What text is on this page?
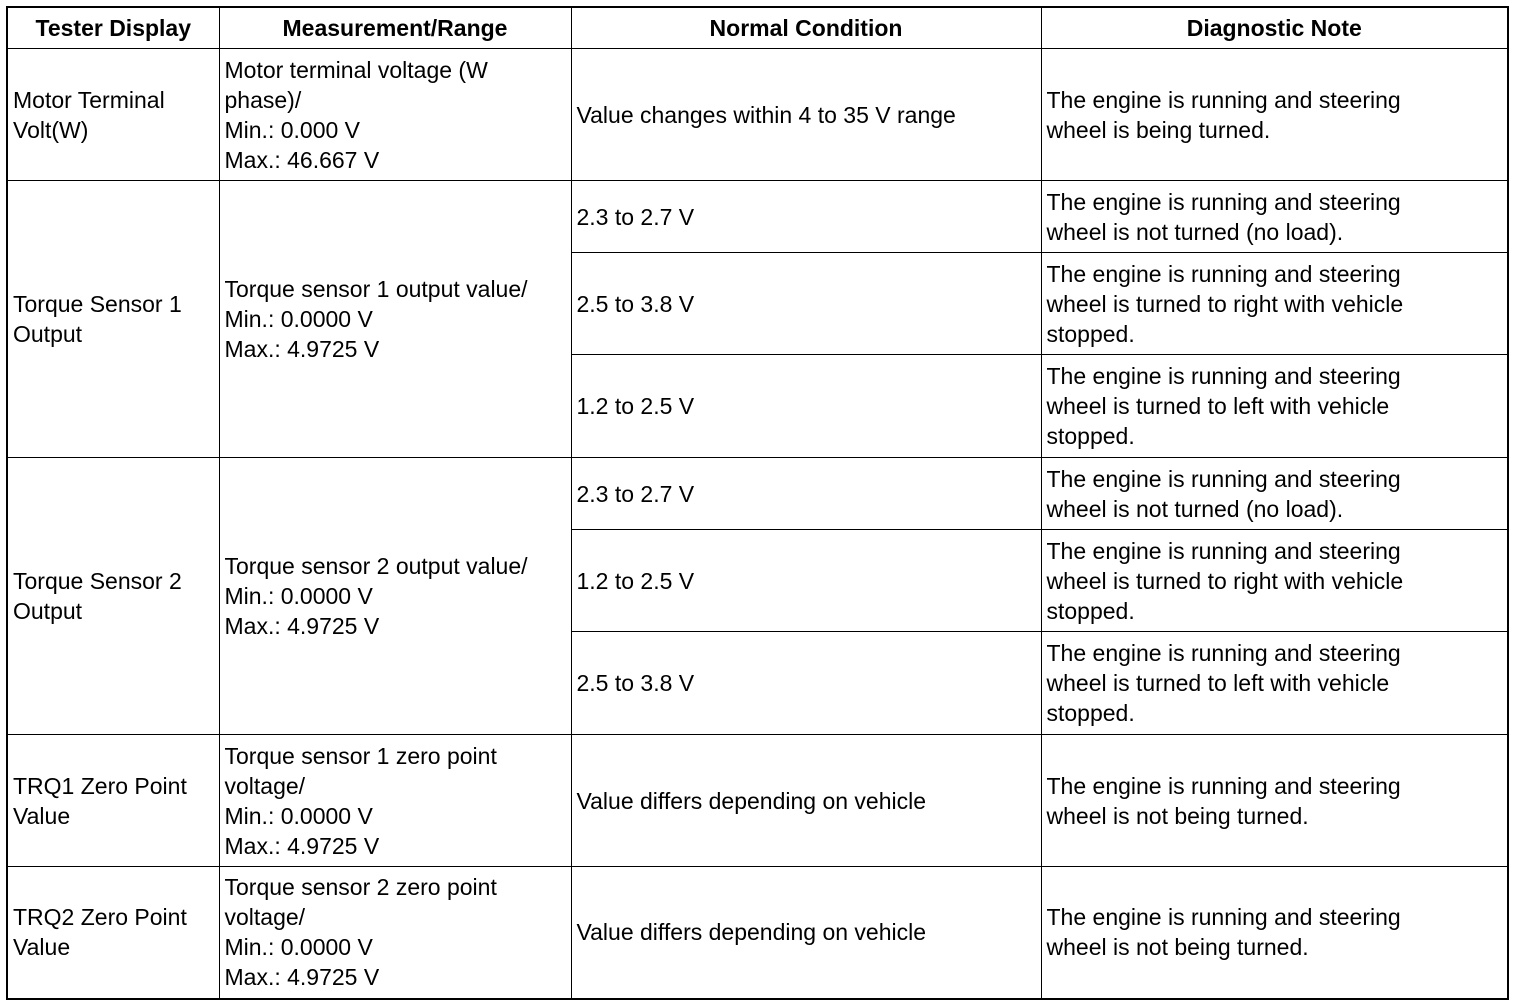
Tester Display	Measurement/Range	Normal Condition	Diagnostic Note

Motor Terminal
Volt(W)	Motor terminal voltage (W
phase)/
Min.: 0.000 V
Max.: 46.667 V	Value changes within 4 to 35 V range	The engine is running and steering
wheel is being turned.

Torque Sensor 1
Output	Torque sensor 1 output value/
Min.: 0.0000 V
Max.: 4.9725 V	2.3 to 2.7 V	The engine is running and steering
wheel is not turned (no load).

		2.5 to 3.8 V	The engine is running and steering
wheel is turned to right with vehicle
stopped.

		1.2 to 2.5 V	The engine is running and steering
wheel is turned to left with vehicle
stopped.

Torque Sensor 2
Output	Torque sensor 2 output value/
Min.: 0.0000 V
Max.: 4.9725 V	2.3 to 2.7 V	The engine is running and steering
wheel is not turned (no load).

		1.2 to 2.5 V	The engine is running and steering
wheel is turned to right with vehicle
stopped.

		2.5 to 3.8 V	The engine is running and steering
wheel is turned to left with vehicle
stopped.

TRQ1 Zero Point
Value	Torque sensor 1 zero point
voltage/
Min.: 0.0000 V
Max.: 4.9725 V	Value differs depending on vehicle	The engine is running and steering
wheel is not being turned.

TRQ2 Zero Point
Value	Torque sensor 2 zero point
voltage/
Min.: 0.0000 V
Max.: 4.9725 V	Value differs depending on vehicle	The engine is running and steering
wheel is not being turned.
